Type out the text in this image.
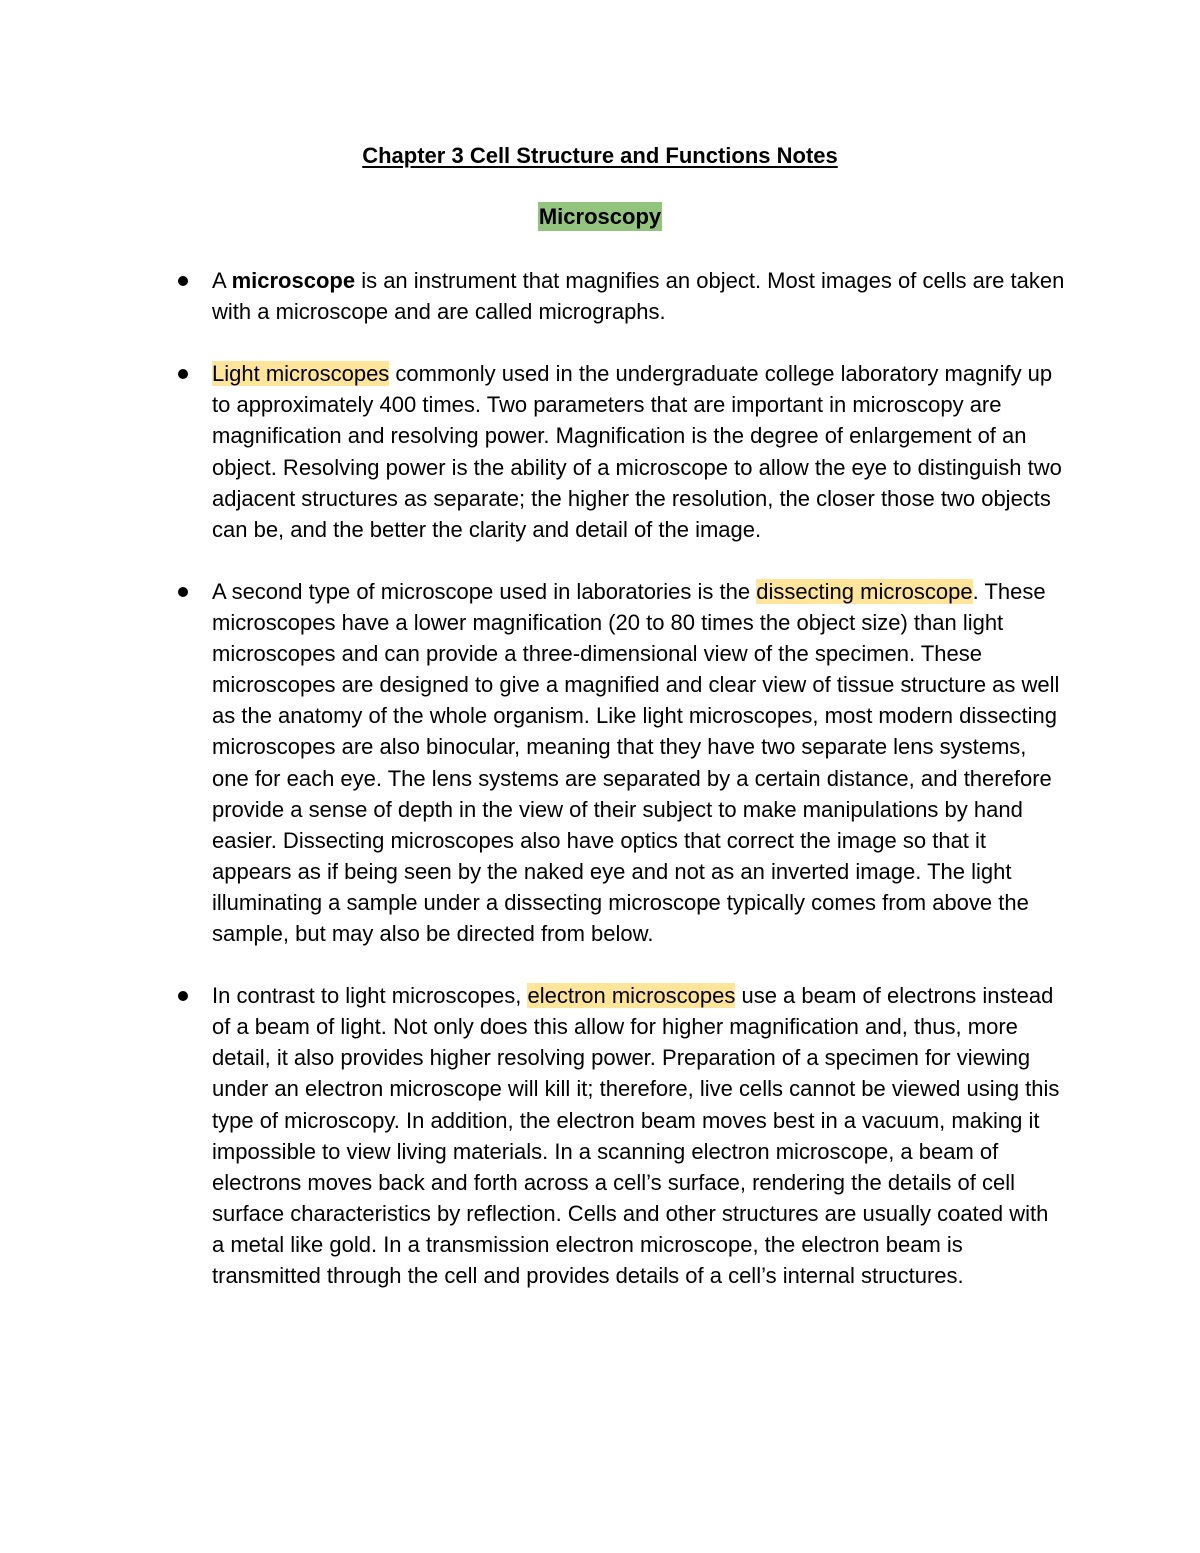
Chapter 3 Cell Structure and Functions Notes
Microscopy
A microscope is an instrument that magnifies an object. Most images of cells are taken with a microscope and are called micrographs.
Light microscopes commonly used in the undergraduate college laboratory magnify up to approximately 400 times. Two parameters that are important in microscopy are magnification and resolving power. Magnification is the degree of enlargement of an object. Resolving power is the ability of a microscope to allow the eye to distinguish two adjacent structures as separate; the higher the resolution, the closer those two objects can be, and the better the clarity and detail of the image.
A second type of microscope used in laboratories is the dissecting microscope. These microscopes have a lower magnification (20 to 80 times the object size) than light microscopes and can provide a three-dimensional view of the specimen. These microscopes are designed to give a magnified and clear view of tissue structure as well as the anatomy of the whole organism. Like light microscopes, most modern dissecting microscopes are also binocular, meaning that they have two separate lens systems, one for each eye. The lens systems are separated by a certain distance, and therefore provide a sense of depth in the view of their subject to make manipulations by hand easier. Dissecting microscopes also have optics that correct the image so that it appears as if being seen by the naked eye and not as an inverted image. The light illuminating a sample under a dissecting microscope typically comes from above the sample, but may also be directed from below.
In contrast to light microscopes, electron microscopes use a beam of electrons instead of a beam of light. Not only does this allow for higher magnification and, thus, more detail, it also provides higher resolving power. Preparation of a specimen for viewing under an electron microscope will kill it; therefore, live cells cannot be viewed using this type of microscopy. In addition, the electron beam moves best in a vacuum, making it impossible to view living materials. In a scanning electron microscope, a beam of electrons moves back and forth across a cell’s surface, rendering the details of cell surface characteristics by reflection. Cells and other structures are usually coated with a metal like gold. In a transmission electron microscope, the electron beam is transmitted through the cell and provides details of a cell’s internal structures.
